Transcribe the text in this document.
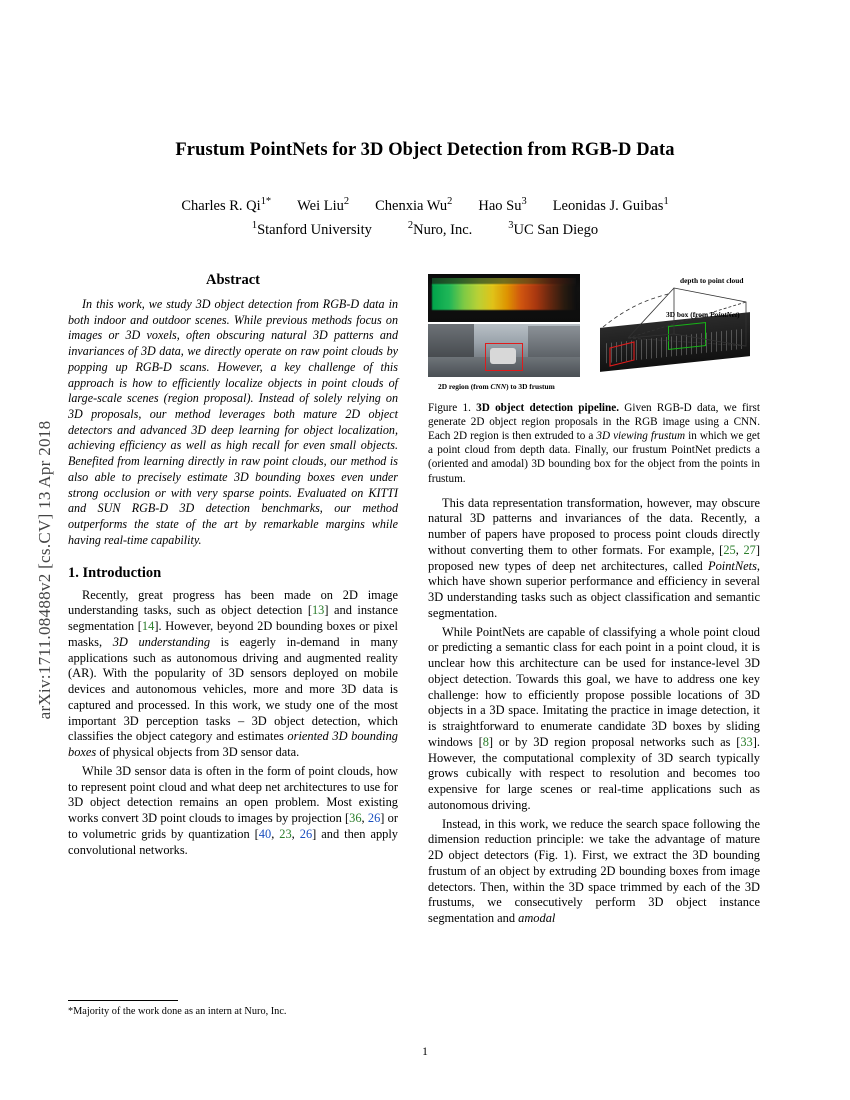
arXiv:1711.08488v2 [cs.CV] 13 Apr 2018
Frustum PointNets for 3D Object Detection from RGB-D Data
Charles R. $Qi^{1*}$ Wei Liu$^2$ Chenxia Wu$^2$ Hao Su$^3$ Leonidas J. Guibas$^1$
$^1$Stanford University	$^2$Nuro, Inc.	$^3$UC San Diego
Abstract

In this work, we study 3D object detection from RGB-D data in both indoor and outdoor scenes. While previous methods focus on images or 3D voxels, often obscuring natural 3D patterns and invariances of 3D data, we directly operate on raw point clouds by popping up RGB-D scans. However, a key challenge of this approach is how to efficiently localize objects in point clouds of large-scale scenes (region proposal). Instead of solely relying on 3D proposals, our method leverages both mature 2D object detectors and advanced 3D deep learning for object localization, achieving efficiency as well as high recall for even small objects. Benefited from learning directly in raw point clouds, our method is also able to precisely estimate 3D bounding boxes even under strong occlusion or with very sparse points. Evaluated on KITTI and SUN RGB-D 3D detection benchmarks, our method outperforms the state of the art by remarkable margins while having real-time capability.

1. Introduction

Recently, great progress has been made on 2D image understanding tasks, such as object detection [13] and instance segmentation [14]. However, beyond 2D bounding boxes or pixel masks, 3D understanding is eagerly in-demand in many applications such as autonomous driving and augmented reality (AR). With the popularity of 3D sensors deployed on mobile devices and autonomous vehicles, more and more 3D data is captured and processed. In this work, we study one of the most important 3D perception tasks – 3D object detection, which classifies the object category and estimates oriented 3D bounding boxes of physical objects from 3D sensor data.

While 3D sensor data is often in the form of point clouds, how to represent point cloud and what deep net architectures to use for 3D object detection remains an open problem. Most existing works convert 3D point clouds to images by projection [36, 26] or to volumetric grids by quantization [40, 23, 26] and then apply convolutional networks.

depth to point cloud
3D box (from PointNet)
2D region (from CNN) to 3D frustum
Figure 1. 3D object detection pipeline. Given RGB-D data, we first generate 2D object region proposals in the RGB image using a CNN. Each 2D region is then extruded to a 3D viewing frustum in which we get a point cloud from depth data. Finally, our frustum PointNet predicts a (oriented and amodal) 3D bounding box for the object from the points in frustum.

This data representation transformation, however, may obscure natural 3D patterns and invariances of the data. Recently, a number of papers have proposed to process point clouds directly without converting them to other formats. For example, [25, 27] proposed new types of deep net architectures, called PointNets, which have shown superior performance and efficiency in several 3D understanding tasks such as object classification and semantic segmentation.

While PointNets are capable of classifying a whole point cloud or predicting a semantic class for each point in a point cloud, it is unclear how this architecture can be used for instance-level 3D object detection. Towards this goal, we have to address one key challenge: how to efficiently propose possible locations of 3D objects in a 3D space. Imitating the practice in image detection, it is straightforward to enumerate candidate 3D boxes by sliding windows [8] or by 3D region proposal networks such as [33]. However, the computational complexity of 3D search typically grows cubically with respect to resolution and becomes too expensive for large scenes or real-time applications such as autonomous driving.

Instead, in this work, we reduce the search space following the dimension reduction principle: we take the advantage of mature 2D object detectors (Fig. 1). First, we extract the 3D bounding frustum of an object by extruding 2D bounding boxes from image detectors. Then, within the 3D space trimmed by each of the 3D frustums, we consecutively perform 3D object instance segmentation and amodal

*Majority of the work done as an intern at Nuro, Inc.
1
